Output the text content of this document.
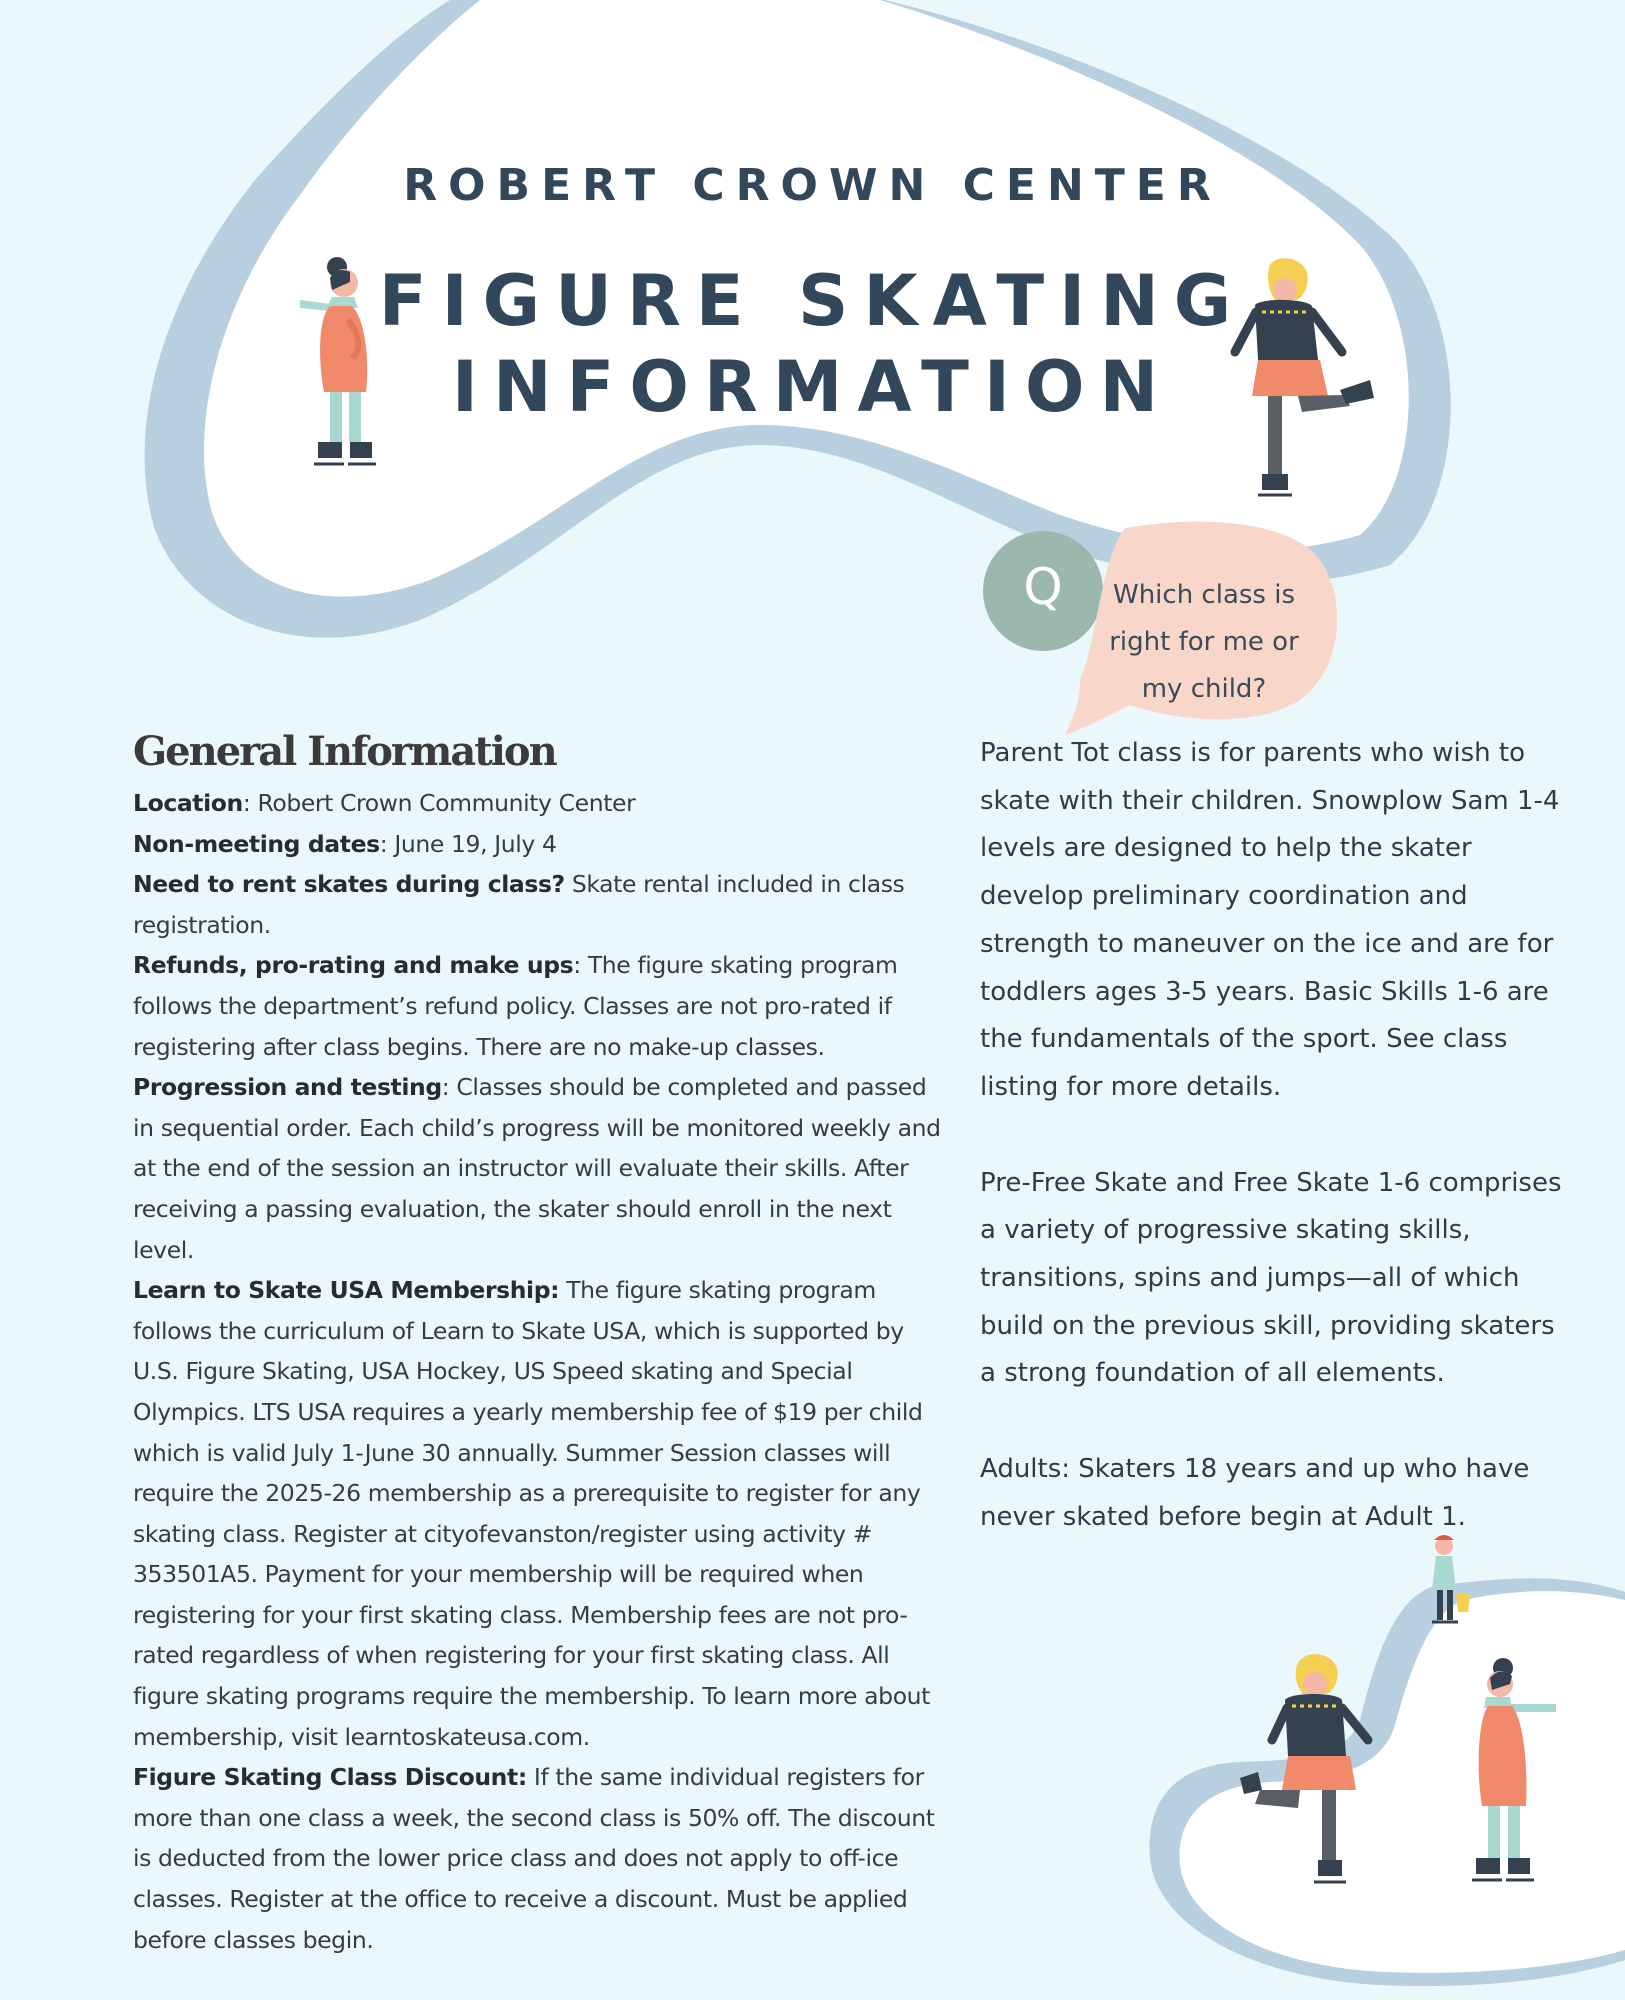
ROBERT CROWN CENTER
FIGURE SKATING
INFORMATION
Q	Which class is right for me or my child?
General Information

Location: Robert Crown Community Center
Non-meeting dates: June 19, July 4
Need to rent skates during class? Skate rental included in class registration.
Refunds, pro-rating and make ups: The figure skating program follows the department’s refund policy. Classes are not pro-rated if registering after class begins. There are no make-up classes.
Progression and testing: Classes should be completed and passed in sequential order. Each child’s progress will be monitored weekly and at the end of the session an instructor will evaluate their skills. After receiving a passing evaluation, the skater should enroll in the next level.
Learn to Skate USA Membership: The figure skating program follows the curriculum of Learn to Skate USA, which is supported by U.S. Figure Skating, USA Hockey, US Speed skating and Special Olympics. LTS USA requires a yearly membership fee of $19 per child which is valid July 1-June 30 annually. Summer Session classes will require the 2025-26 membership as a prerequisite to register for any skating class. Register at cityofevanston/register using activity # 353501A5. Payment for your membership will be required when registering for your first skating class. Membership fees are not pro-rated regardless of when registering for your first skating class. All figure skating programs require the membership. To learn more about membership, visit learntoskateusa.com.
Figure Skating Class Discount: If the same individual registers for more than one class a week, the second class is 50% off. The discount is deducted from the lower price class and does not apply to off-ice classes. Register at the office to receive a discount. Must be applied before classes begin.

Parent Tot class is for parents who wish to skate with their children. Snowplow Sam 1-4 levels are designed to help the skater develop preliminary coordination and strength to maneuver on the ice and are for toddlers ages 3-5 years. Basic Skills 1-6 are the fundamentals of the sport. See class listing for more details.

Pre-Free Skate and Free Skate 1-6 comprises a variety of progressive skating skills, transitions, spins and jumps—all of which build on the previous skill, providing skaters a strong foundation of all elements.

Adults: Skaters 18 years and up who have never skated before begin at Adult 1.
